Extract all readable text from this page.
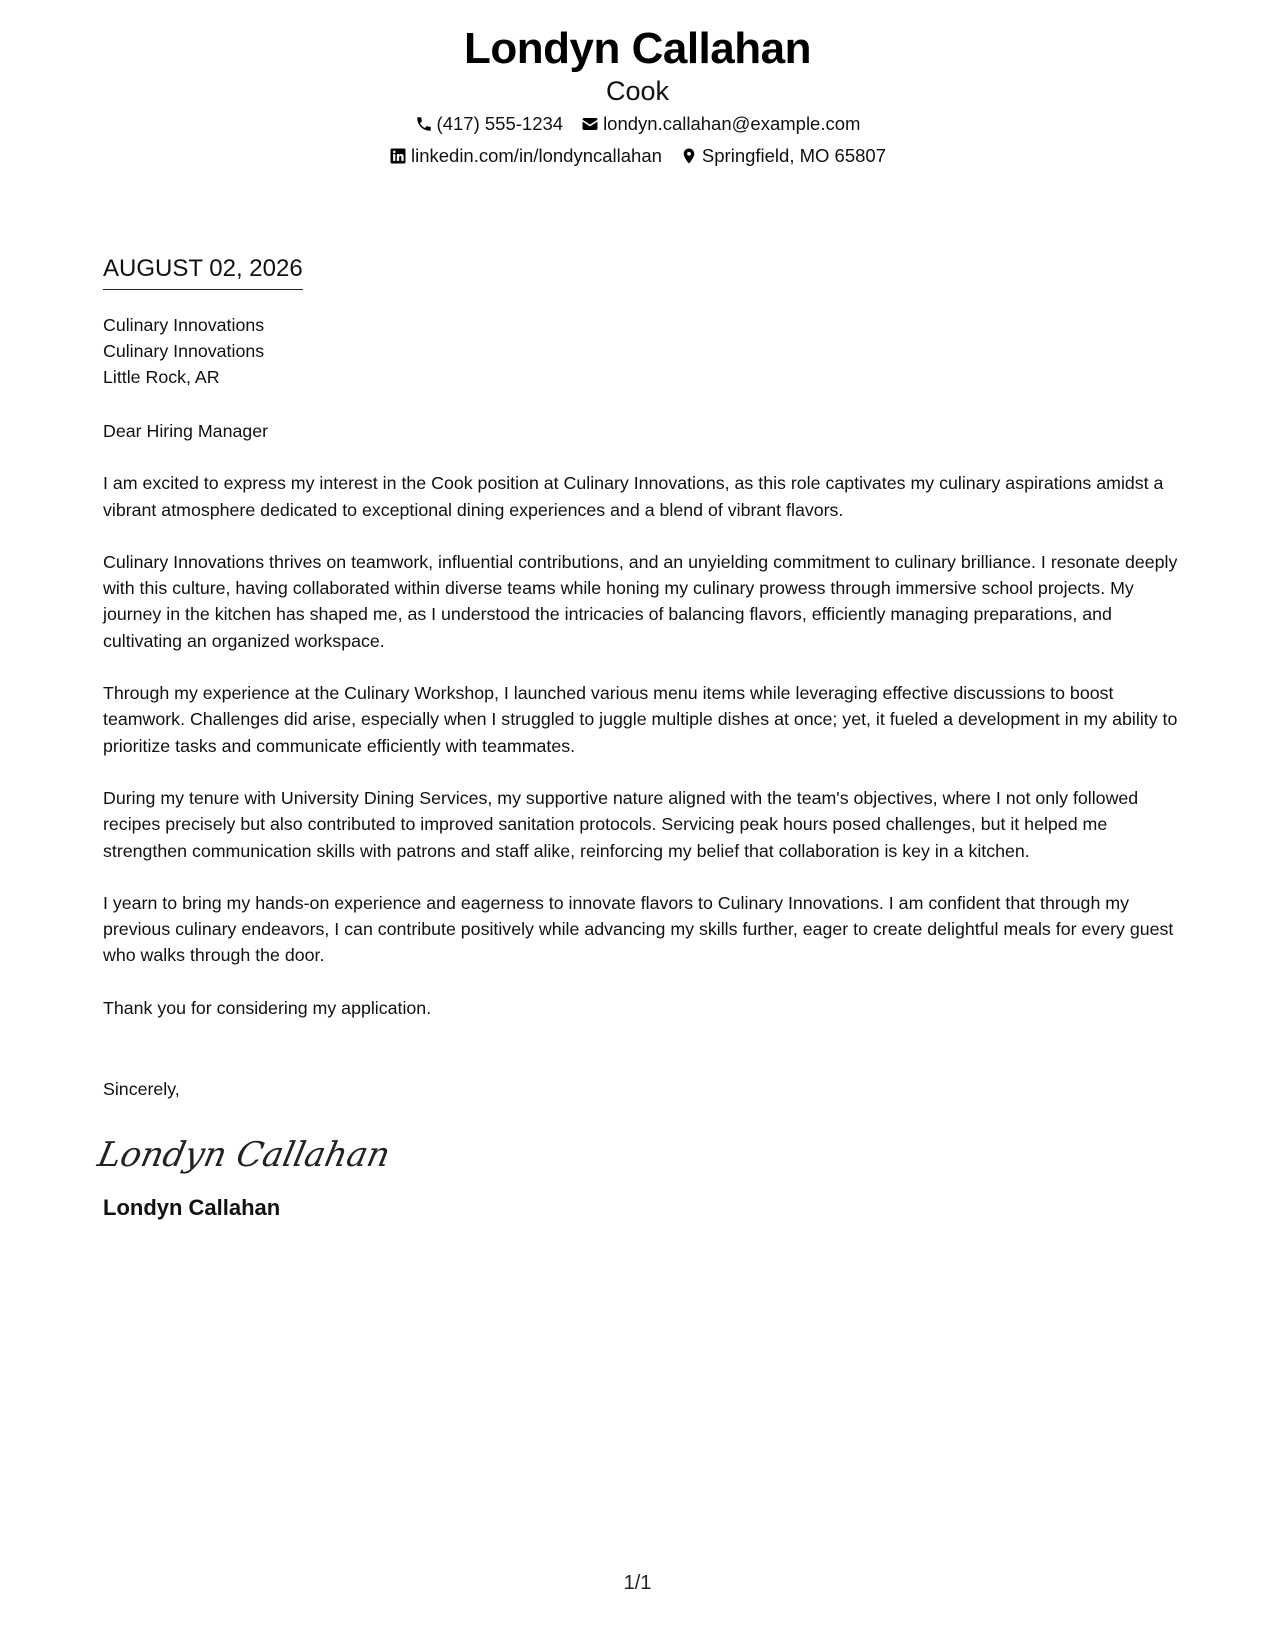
Londyn Callahan
Cook
(417) 555-1234 londyn.callahan@example.com
linkedin.com/in/londyncallahan Springfield, MO 65807
AUGUST 02, 2026
Culinary Innovations
Culinary Innovations
Little Rock, AR
Dear Hiring Manager

I am excited to express my interest in the Cook position at Culinary Innovations, as this role captivates my culinary aspirations amidst a vibrant atmosphere dedicated to exceptional dining experiences and a blend of vibrant flavors.

Culinary Innovations thrives on teamwork, influential contributions, and an unyielding commitment to culinary brilliance. I resonate deeply with this culture, having collaborated within diverse teams while honing my culinary prowess through immersive school projects. My journey in the kitchen has shaped me, as I understood the intricacies of balancing flavors, efficiently managing preparations, and cultivating an organized workspace.

Through my experience at the Culinary Workshop, I launched various menu items while leveraging effective discussions to boost teamwork. Challenges did arise, especially when I struggled to juggle multiple dishes at once; yet, it fueled a development in my ability to prioritize tasks and communicate efficiently with teammates.

During my tenure with University Dining Services, my supportive nature aligned with the team's objectives, where I not only followed recipes precisely but also contributed to improved sanitation protocols. Servicing peak hours posed challenges, but it helped me strengthen communication skills with patrons and staff alike, reinforcing my belief that collaboration is key in a kitchen.

I yearn to bring my hands-on experience and eagerness to innovate flavors to Culinary Innovations. I am confident that through my previous culinary endeavors, I can contribute positively while advancing my skills further, eager to create delightful meals for every guest who walks through the door.

Thank you for considering my application.
Sincerely,
Londyn Callahan
Londyn Callahan
1/1
